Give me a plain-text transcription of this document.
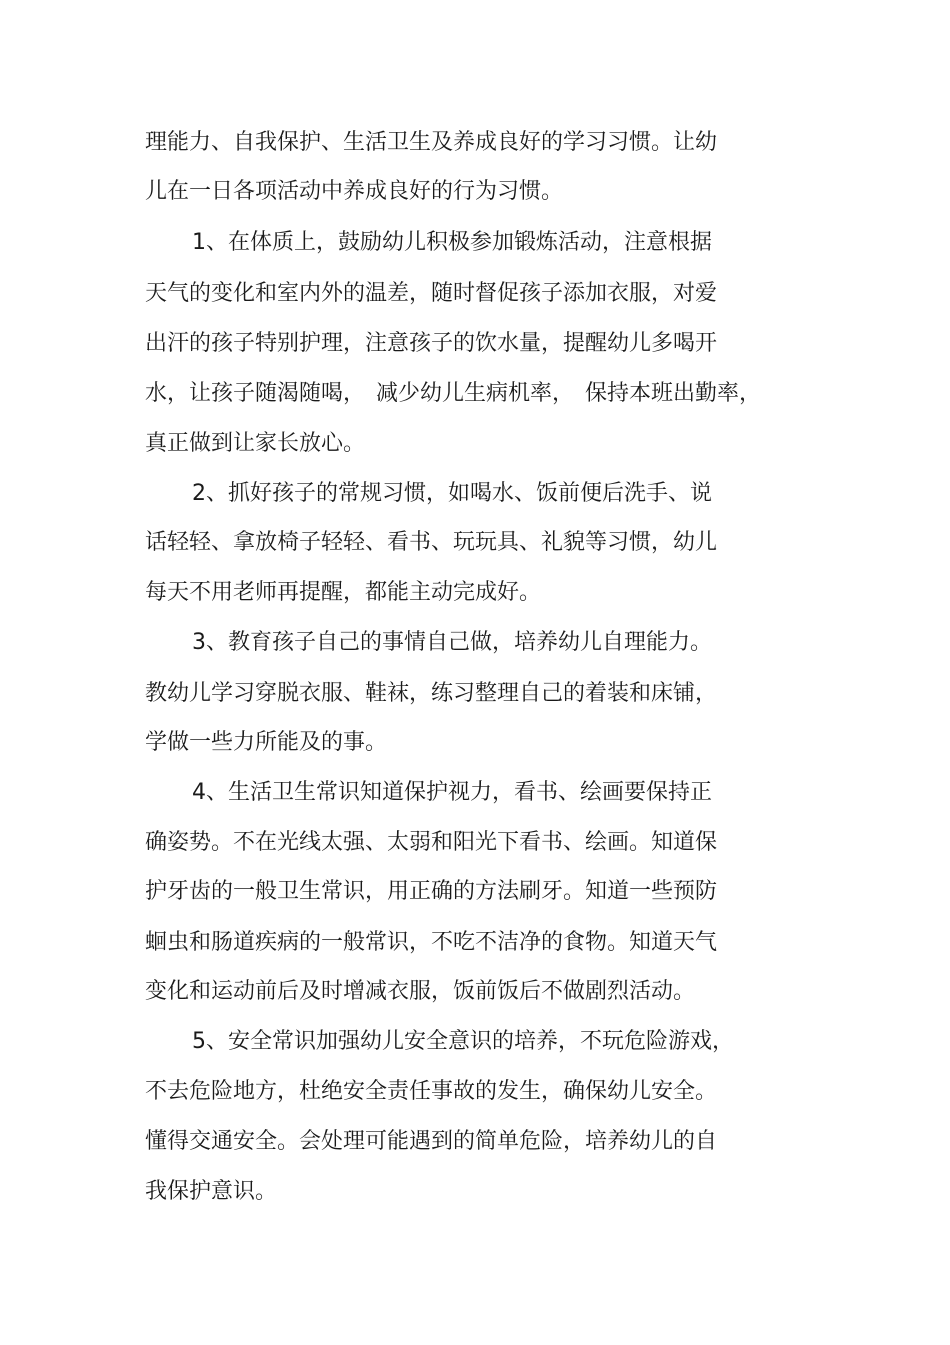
理能力、自我保护、生活卫生及养成良好的学习习惯。让幼
儿在一日各项活动中养成良好的行为习惯。
1、在体质上，鼓励幼儿积极参加锻炼活动，注意根据
天气的变化和室内外的温差，随时督促孩子添加衣服，对爱
出汗的孩子特别护理，注意孩子的饮水量，提醒幼儿多喝开
水，让孩子随渴随喝，　减少幼儿生病机率，　保持本班出勤率，
真正做到让家长放心。
2、抓好孩子的常规习惯，如喝水、饭前便后洗手、说
话轻轻、拿放椅子轻轻、看书、玩玩具、礼貌等习惯，幼儿
每天不用老师再提醒，都能主动完成好。
3、教育孩子自己的事情自己做，培养幼儿自理能力。
教幼儿学习穿脱衣服、鞋袜，练习整理自己的着装和床铺，
学做一些力所能及的事。
4、生活卫生常识知道保护视力，看书、绘画要保持正
确姿势。不在光线太强、太弱和阳光下看书、绘画。知道保
护牙齿的一般卫生常识，用正确的方法刷牙。知道一些预防
蛔虫和肠道疾病的一般常识，不吃不洁净的食物。知道天气
变化和运动前后及时增减衣服，饭前饭后不做剧烈活动。
5、安全常识加强幼儿安全意识的培养，不玩危险游戏，
不去危险地方，杜绝安全责任事故的发生，确保幼儿安全。
懂得交通安全。会处理可能遇到的简单危险，培养幼儿的自
我保护意识。
